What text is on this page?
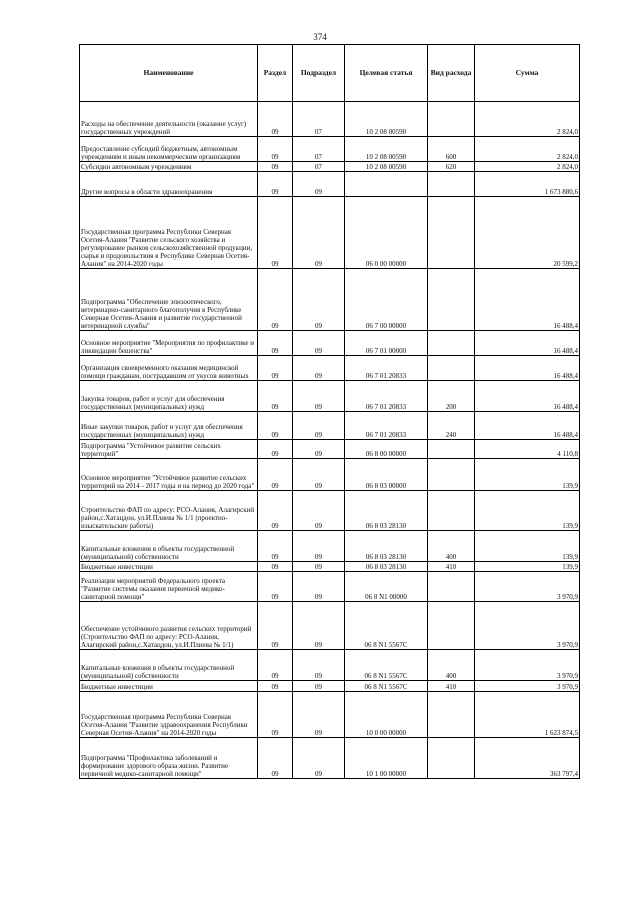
374
Наименование	Раздел	Подраздел	Целевая статья	Вид расхода	Сумма
Расходы на обеспечение деятельности (оказание услуг) государственных учреждений	09	07	10 2 08 00590		2 824,0
Предоставление субсидий бюджетным, автономным учреждениям и иным некоммерческим организациям	09	07	10 2 08 00590	600	2 824,0
Субсидии автономным учреждениям	09	07	10 2 08 00590	620	2 824,0
Другие вопросы в области здравоохранения	09	09			1 673 880,6
Государственная программа Республики Северная Осетия-Алания "Развитие сельского хозяйства и регулирование рынков сельскохозяйственной продукции, сырья и продовольствия в Республике Северная Осетия-Алания" на 2014-2020 годы	09	09	06 0 00 00000		20 599,2
Подпрограмма "Обеспечение эпизоотического, ветеринарно-санитарного благополучия в Республике Северная Осетия-Алания и развитие государственной ветеринарной службы"	09	09	06 7 00 00000		16 488,4
Основное мероприятие "Мероприятия по профилактике и ликвидации бешенства"	09	09	06 7 01 00000		16 488,4
Организация своевременного оказания медицинской помощи гражданам, пострадавшим от укусов животных	09	09	06 7 01 20833		16 488,4
Закупка товаров, работ и услуг для обеспечения государственных (муниципальных) нужд	09	09	06 7 01 20833	200	16 488,4
Иные закупки товаров, работ и услуг для обеспечения государственных (муниципальных) нужд	09	09	06 7 01 20833	240	16 488,4
Подпрограмма "Устойчивое развитие сельских территорий"	09	09	06 8 00 00000		4 110,8
Основное мероприятие "Устойчивое развитие сельских территорий на 2014 - 2017 годы и на период до 2020 года"	09	09	06 8 03 00000		139,9
Строительство ФАП по адресу: РСО-Алания, Алагирский район,с.Хатацдон, ул.И.Плиева № 1/1 (проектно-изыскательские работы)	09	09	06 8 03 28130		139,9
Капитальные вложения в объекты государственной (муниципальной) собственности	09	09	06 8 03 28130	400	139,9
Бюджетные инвестиции	09	09	06 8 03 28130	410	139,9
Реализация мероприятий Федерального проекта "Развитие системы оказания первичной медико-санитарной помощи"	09	09	06 8 N1 00000		3 970,9
Обеспечение устойчивого развития сельских территорий (Строительство ФАП по адресу: РСО-Алания, Алагирский район,с.Хатацдон, ул.И.Плиева № 1/1)	09	09	06 8 N1 5567C		3 970,9
Капитальные вложения в объекты государственной (муниципальной) собственности	09	09	06 8 N1 5567C	400	3 970,9
Бюджетные инвестиции	09	09	06 8 N1 5567C	410	3 970,9
Государственная программа Республики Северная Осетия-Алания "Развитие здравоохранения Республики Северная Осетия-Алания" на 2014-2020 годы	09	09	10 0 00 00000		1 623 874,5
Подпрограмма "Профилактика заболеваний и формирование здорового образа жизни. Развитие первичной медико-санитарной помощи"	09	09	10 1 00 00000		363 797,4
